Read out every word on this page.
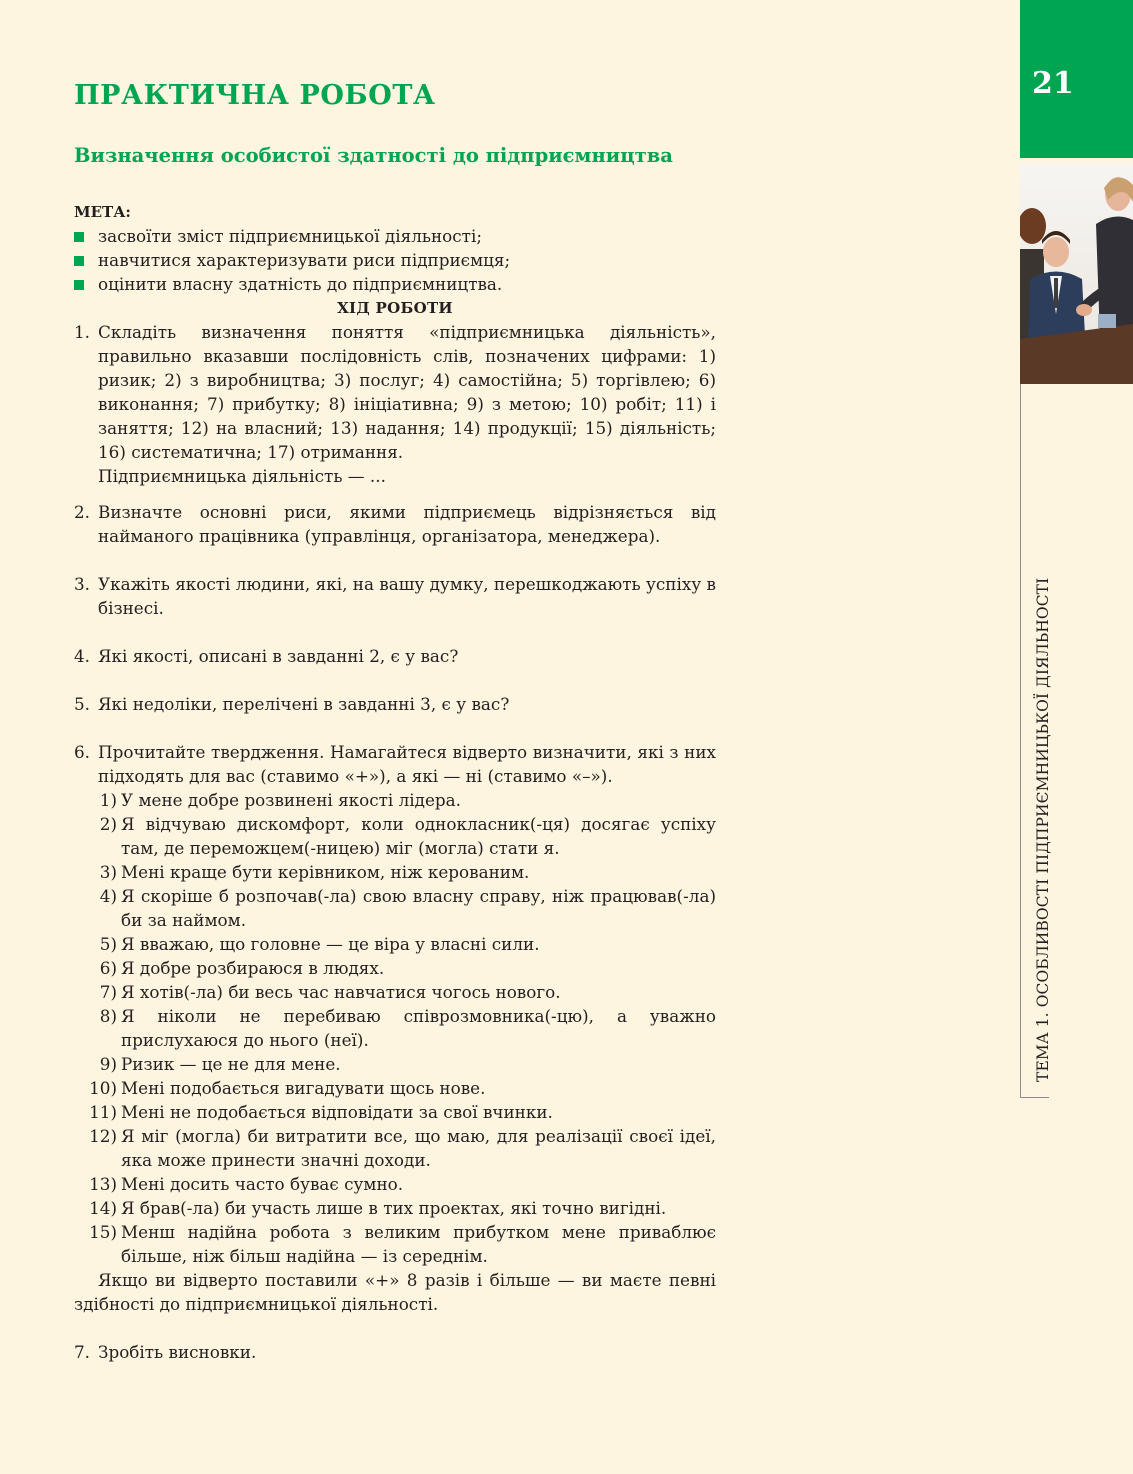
21
ТЕМА 1. ОСОБЛИВОСТІ ПІДПРИЄМНИЦЬКОЇ ДІЯЛЬНОСТІ
ПРАКТИЧНА РОБОТА
Визначення особистої здатності до підприємництва

МЕТА:

засвоїти зміст підприємницької діяльності;
навчитися характеризувати риси підприємця;
оцінити власну здатність до підприємництва.

ХІД РОБОТИ

1. Складіть визначення поняття «підприємницька діяльність», правильно вказавши послідовність слів, позначених цифрами: 1) ризик; 2) з виробництва; 3) послуг; 4) самостійна; 5) торгівлею; 6) виконання; 7) прибутку; 8) ініціативна; 9) з метою; 10) робіт; 11) і заняття; 12) на власний; 13) надання; 14) продукції; 15) діяльність; 16) систематична; 17) отримання.

Підприємницька діяльність — ...

2. Визначте основні риси, якими підприємець відрізняється від найманого працівника (управлінця, організатора, менеджера).
3. Укажіть якості людини, які, на вашу думку, перешкоджають успіху в бізнесі.
4. Які якості, описані в завданні 2, є у вас?
5. Які недоліки, перелічені в завданні 3, є у вас?
6. Прочитайте твердження. Намагайтеся відверто визначити, які з них підходять для вас (ставимо «+»), а які — ні (ставимо «–»).
1) У мене добре розвинені якості лідера.
2) Я відчуваю дискомфорт, коли однокласник(-ця) досягає успіху там, де переможцем(-ницею) міг (могла) стати я.
3) Мені краще бути керівником, ніж керованим.
4) Я скоріше б розпочав(-ла) свою власну справу, ніж працював(-ла) би за наймом.
5) Я вважаю, що головне — це віра у власні сили.
6) Я добре розбираюся в людях.
7) Я хотів(-ла) би весь час навчатися чогось нового.
8) Я ніколи не перебиваю співрозмовника(-цю), а уважно прислухаюся до нього (неї).
9) Ризик — це не для мене.
10) Мені подобається вигадувати щось нове.
11) Мені не подобається відповідати за свої вчинки.
12) Я міг (могла) би витратити все, що маю, для реалізації своєї ідеї, яка може принести значні доходи.
13) Мені досить часто буває сумно.
14) Я брав(-ла) би участь лише в тих проектах, які точно вигідні.
15) Менш надійна робота з великим прибутком мене приваблює більше, ніж більш надійна — із середнім.

Якщо ви відверто поставили «+» 8 разів і більше — ви маєте певні здібності до підприємницької діяльності.

7. Зробіть висновки.
